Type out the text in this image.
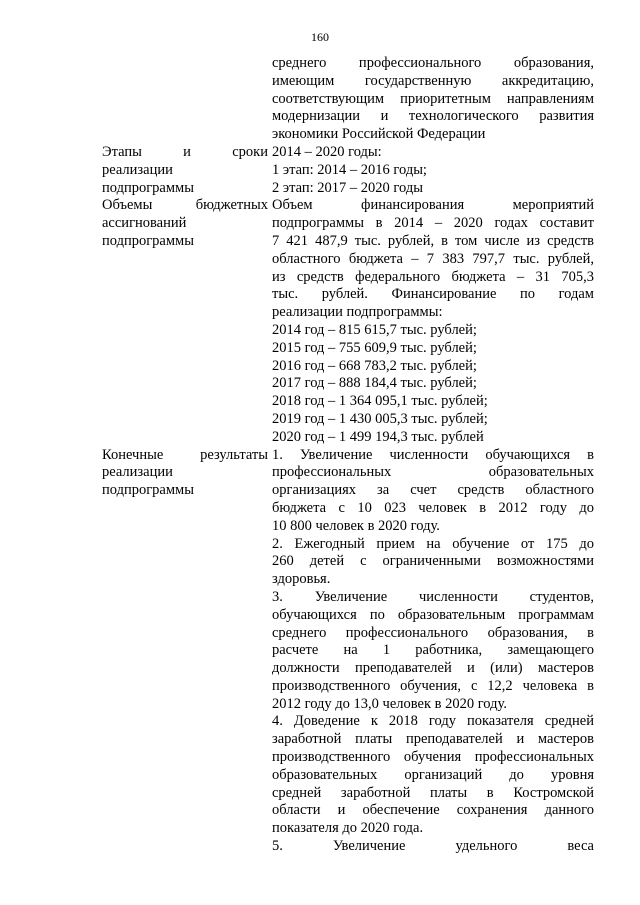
160
среднего профессионального образования,
имеющим государственную аккредитацию,
соответствующим приоритетным направлениям
модернизации и технологического развития
экономики Российской Федерации
Этапы и сроки
реализации
подпрограммы
2014 – 2020 годы:
1 этап: 2014 – 2016 годы;
2 этап: 2017 – 2020 годы
Объемы бюджетных
ассигнований
подпрограммы
Объем финансирования мероприятий
подпрограммы в 2014 – 2020 годах составит
7 421 487,9 тыс. рублей, в том числе из средств
областного бюджета – 7 383 797,7 тыс. рублей,
из средств федерального бюджета – 31 705,3
тыс. рублей. Финансирование по годам
реализации подпрограммы:
2014 год – 815 615,7 тыс. рублей;
2015 год – 755 609,9 тыс. рублей;
2016 год – 668 783,2 тыс. рублей;
2017 год – 888 184,4 тыс. рублей;
2018 год – 1 364 095,1 тыс. рублей;
2019 год – 1 430 005,3 тыс. рублей;
2020 год – 1 499 194,3 тыс. рублей
Конечные результаты
реализации
подпрограммы
1. Увеличение численности обучающихся в
профессиональных образовательных
организациях за счет средств областного
бюджета с 10 023 человек в 2012 году до
10 800 человек в 2020 году.
2. Ежегодный прием на обучение от 175 до
260 детей с ограниченными возможностями
здоровья.
3. Увеличение численности студентов,
обучающихся по образовательным программам
среднего профессионального образования, в
расчете на 1 работника, замещающего
должности преподавателей и (или) мастеров
производственного обучения, с 12,2 человека в
2012 году до 13,0 человек в 2020 году.
4. Доведение к 2018 году показателя средней
заработной платы преподавателей и мастеров
производственного обучения профессиональных
образовательных организаций до уровня
средней заработной платы в Костромской
области и обеспечение сохранения данного
показателя до 2020 года.
5. Увеличение удельного веса
